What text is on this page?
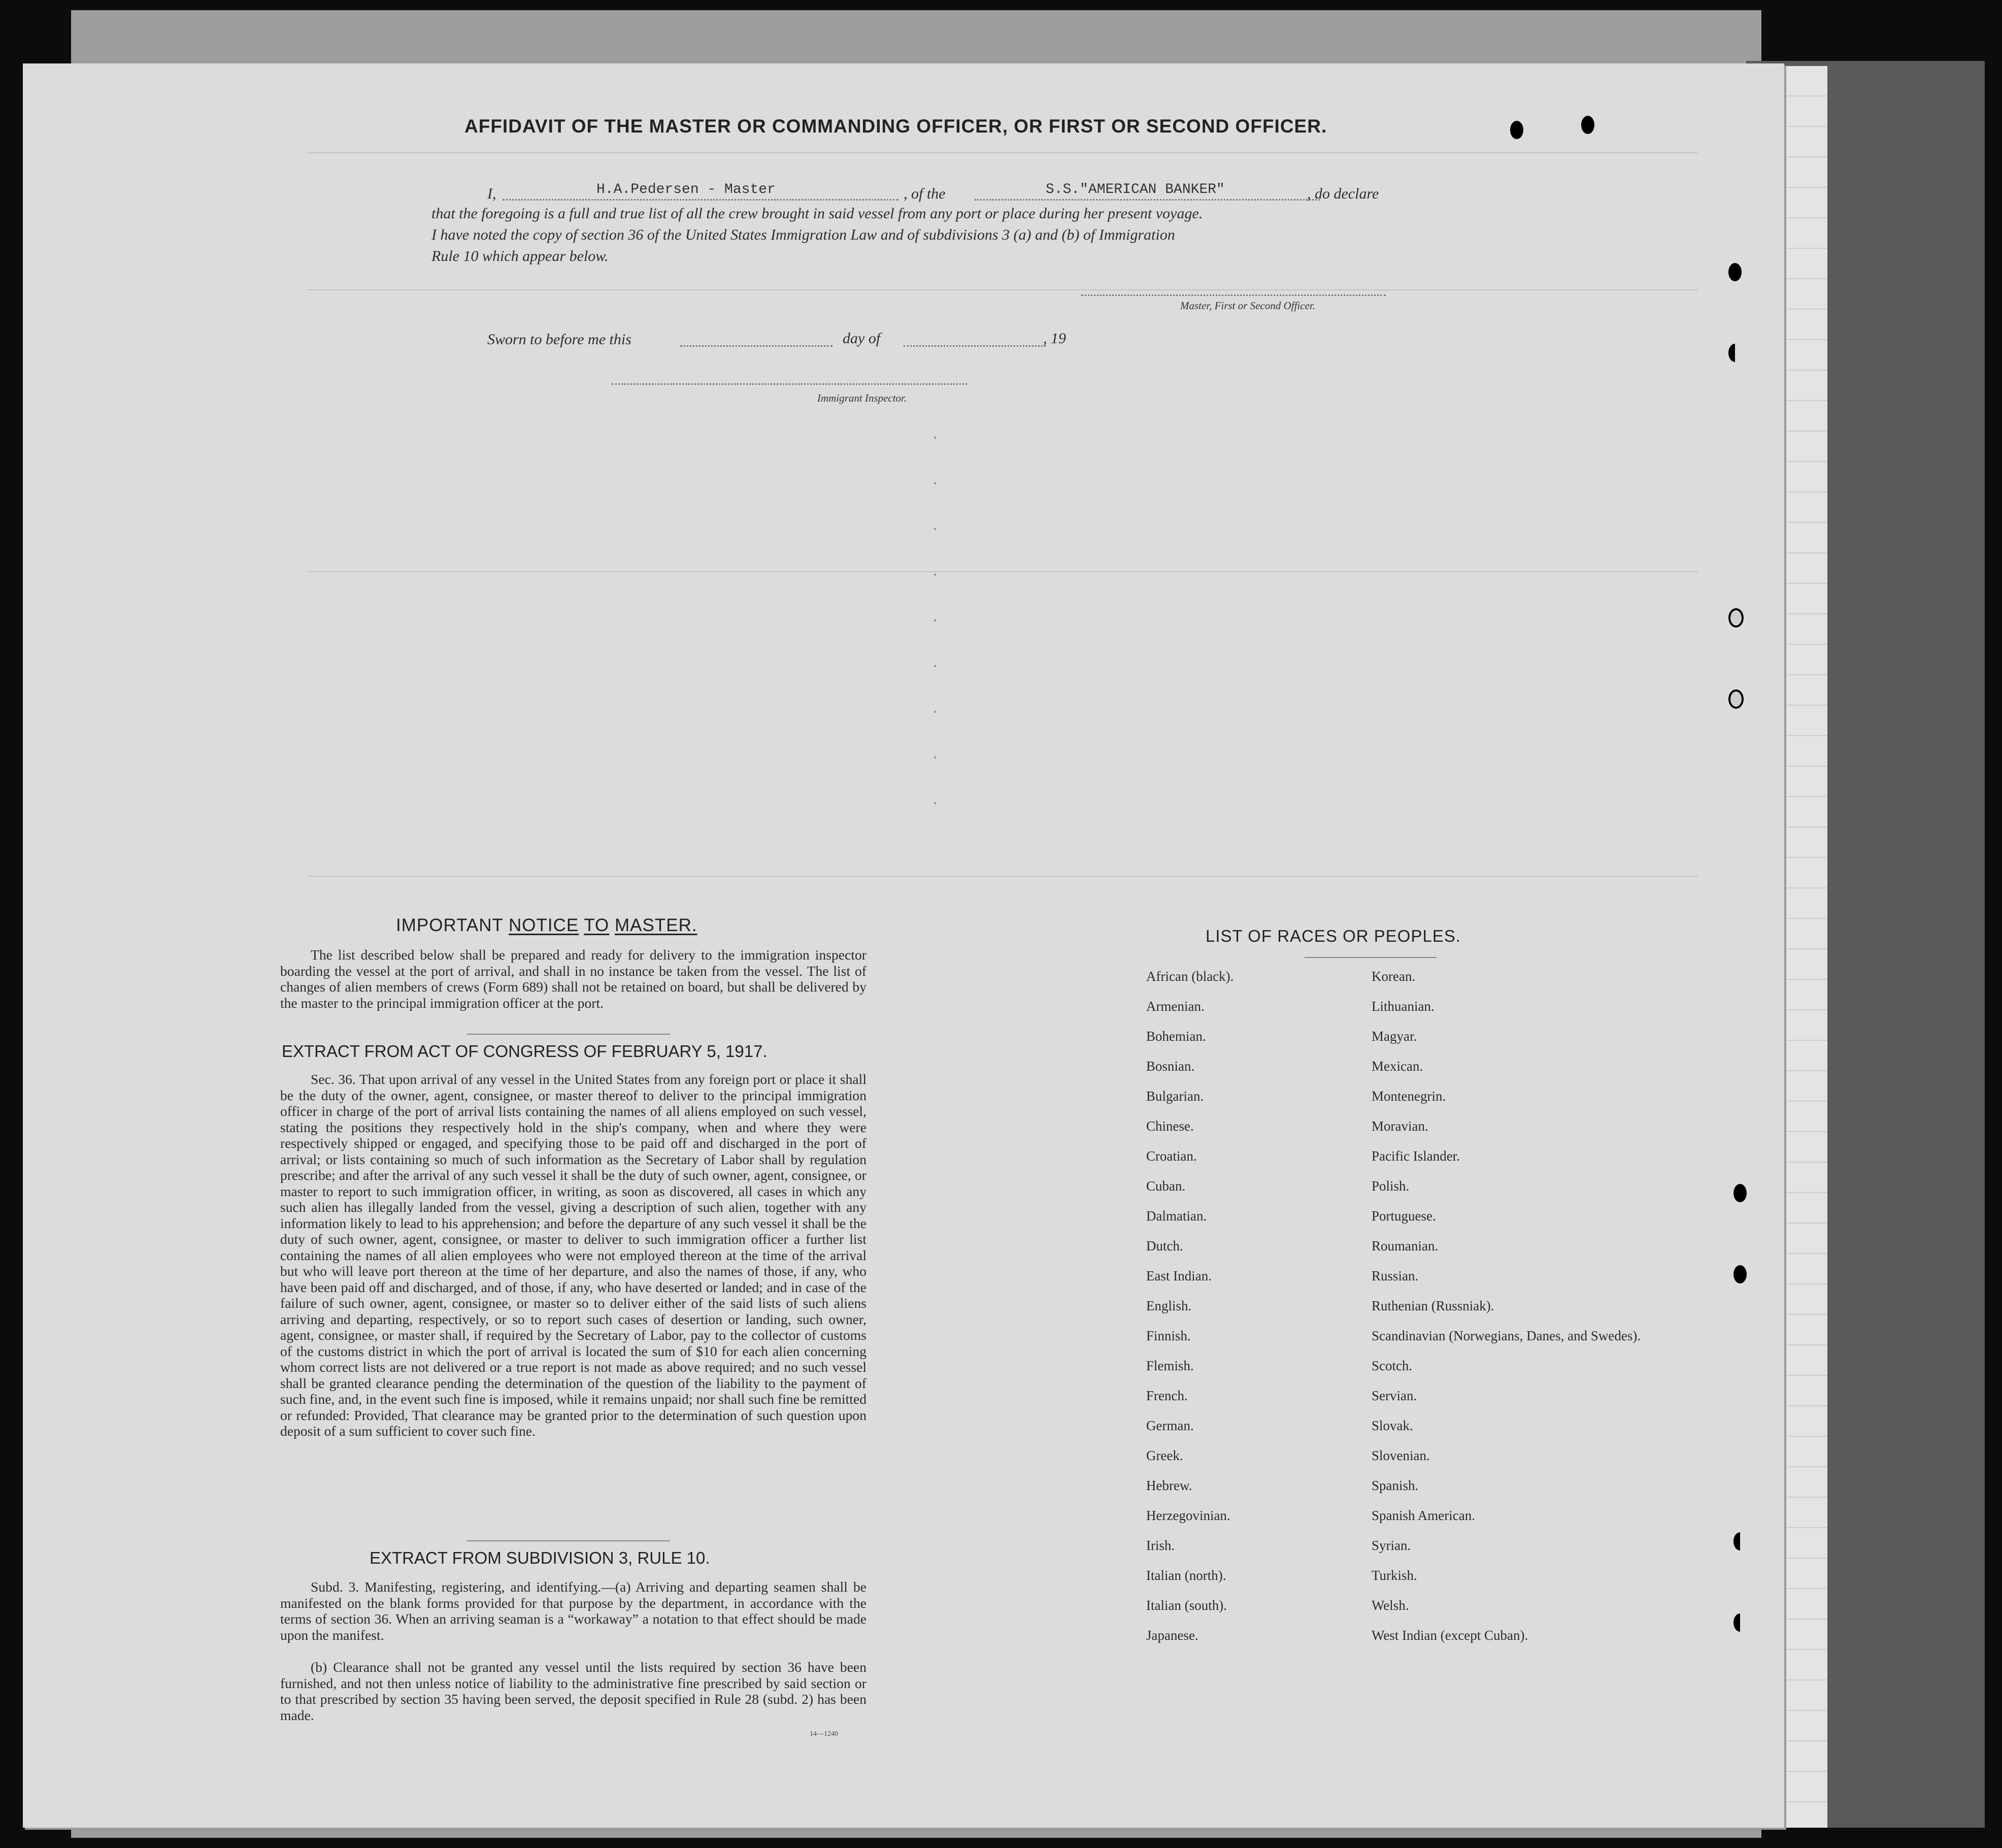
AFFIDAVIT OF THE MASTER OR COMMANDING OFFICER, OR FIRST OR SECOND OFFICER.
I,	H.A.Pedersen - Master	, of the	S.S."AMERICAN BANKER"	, do declare
that the foregoing is a full and true list of all the crew brought in said vessel from any port or place during her present voyage.
I have noted the copy of section 36 of the United States Immigration Law and of subdivisions 3 (a) and (b) of Immigration
Rule 10 which appear below.
Master, First or Second Officer.
Sworn to before me this	day of	, 19
Immigrant Inspector.
IMPORTANT NOTICE TO MASTER.
The list described below shall be prepared and ready for delivery to the immigration inspector boarding the vessel at the port of arrival, and shall in no instance be taken from the vessel. The list of changes of alien members of crews (Form 689) shall not be retained on board, but shall be delivered by the master to the principal immigration officer at the port.
EXTRACT FROM ACT OF CONGRESS OF FEBRUARY 5, 1917.
Sec. 36. That upon arrival of any vessel in the United States from any foreign port or place it shall be the duty of the owner, agent, consignee, or master thereof to deliver to the principal immigration officer in charge of the port of arrival lists containing the names of all aliens employed on such vessel, stating the positions they respectively hold in the ship's company, when and where they were respectively shipped or engaged, and specifying those to be paid off and discharged in the port of arrival; or lists containing so much of such information as the Secretary of Labor shall by regulation prescribe; and after the arrival of any such vessel it shall be the duty of such owner, agent, consignee, or master to report to such immigration officer, in writing, as soon as discovered, all cases in which any such alien has illegally landed from the vessel, giving a description of such alien, together with any information likely to lead to his apprehension; and before the departure of any such vessel it shall be the duty of such owner, agent, consignee, or master to deliver to such immigration officer a further list containing the names of all alien employees who were not employed thereon at the time of the arrival but who will leave port thereon at the time of her departure, and also the names of those, if any, who have been paid off and discharged, and of those, if any, who have deserted or landed; and in case of the failure of such owner, agent, consignee, or master so to deliver either of the said lists of such aliens arriving and departing, respectively, or so to report such cases of desertion or landing, such owner, agent, consignee, or master shall, if required by the Secretary of Labor, pay to the collector of customs of the customs district in which the port of arrival is located the sum of $10 for each alien concerning whom correct lists are not delivered or a true report is not made as above required; and no such vessel shall be granted clearance pending the determination of the question of the liability to the payment of such fine, and, in the event such fine is imposed, while it remains unpaid; nor shall such fine be remitted or refunded: Provided, That clearance may be granted prior to the determination of such question upon deposit of a sum sufficient to cover such fine.
EXTRACT FROM SUBDIVISION 3, RULE 10.
Subd. 3. Manifesting, registering, and identifying.—(a) Arriving and departing seamen shall be manifested on the blank forms provided for that purpose by the department, in accordance with the terms of section 36. When an arriving seaman is a “workaway” a notation to that effect should be made upon the manifest.
(b) Clearance shall not be granted any vessel until the lists required by section 36 have been furnished, and not then unless notice of liability to the administrative fine prescribed by said section or to that prescribed by section 35 having been served, the deposit specified in Rule 28 (subd. 2) has been made.
14—1240
LIST OF RACES OR PEOPLES.
African (black).
Armenian.
Bohemian.
Bosnian.
Bulgarian.
Chinese.
Croatian.
Cuban.
Dalmatian.
Dutch.
East Indian.
English.
Finnish.
Flemish.
French.
German.
Greek.
Hebrew.
Herzegovinian.
Irish.
Italian (north).
Italian (south).
Japanese.
Korean.
Lithuanian.
Magyar.
Mexican.
Montenegrin.
Moravian.
Pacific Islander.
Polish.
Portuguese.
Roumanian.
Russian.
Ruthenian (Russniak).
Scandinavian (Norwegians, Danes, and Swedes).
Scotch.
Servian.
Slovak.
Slovenian.
Spanish.
Spanish American.
Syrian.
Turkish.
Welsh.
West Indian (except Cuban).
